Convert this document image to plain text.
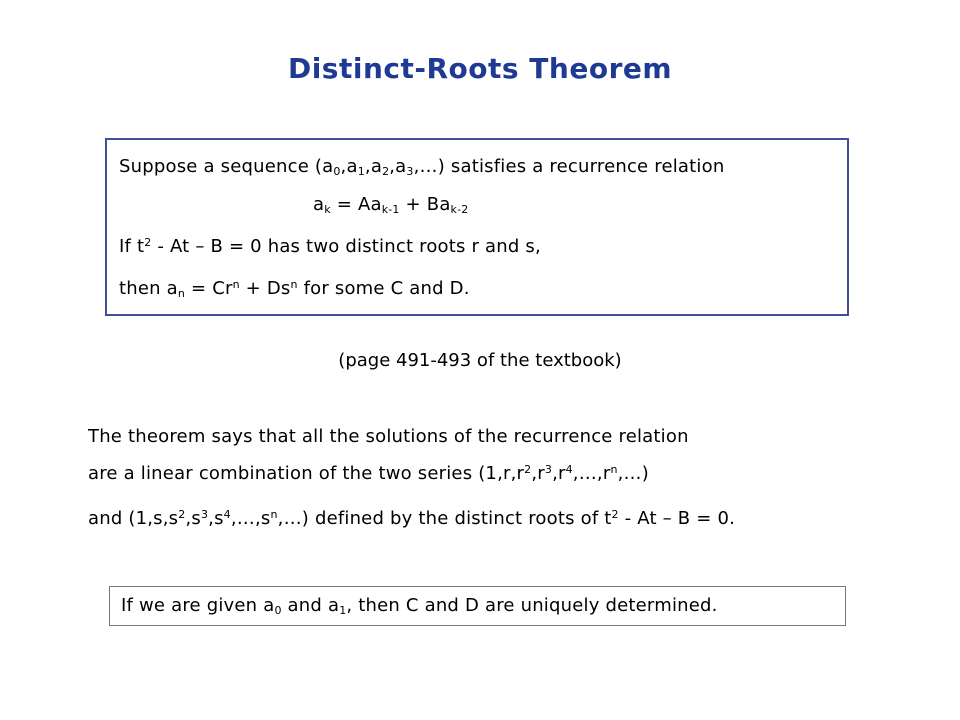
Distinct-Roots Theorem
Suppose a sequence $(a_0,a_1,a_2,a_3,\dots)$ satisfies a recurrence relation
$a_k = Aa_{k-1} + Ba_{k-2}$
If $t^2 - At - B = 0$ has two distinct roots r and s,
then $a_n = Cr^n + Ds^n$ for some C and D.
(page 491-493 of the textbook)
The theorem says that all the solutions of the recurrence relation
are a linear combination of the two series $(1,r,r^2,r^3,r^4,\dots,r^n,\dots)$
and $(1,s,s^2,s^3,s^4,\dots,s^n,\dots)$ defined by the distinct roots of $t^2 - At - B = 0$.
If we are given $a_0$ and $a_1$, then C and D are uniquely determined.
